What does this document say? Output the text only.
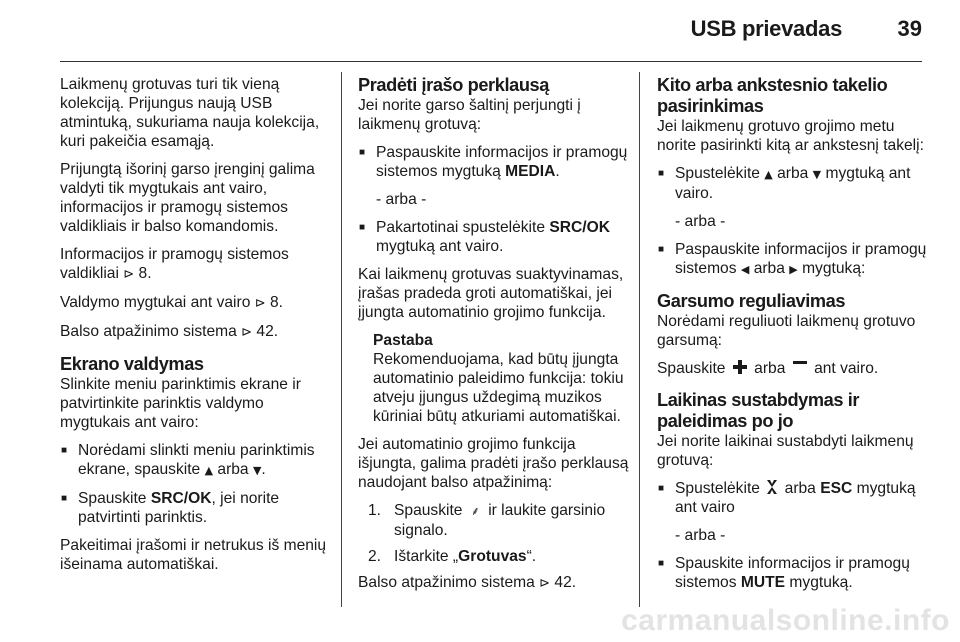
USB prievadas	39

Laikmenų grotuvas turi tik vieną kolekciją. Prijungus naują USB atmintuką, sukuriama nauja kolekcija, kuri pakeičia esamąją.

Prijungtą išorinį garso įrenginį galima valdyti tik mygtukais ant vairo, informacijos ir pramogų sistemos valdikliais ir balso komandomis.

Informacijos ir pramogų sistemos valdikliai ⊳ 8.

Valdymo mygtukai ant vairo ⊳ 8.

Balso atpažinimo sistema ⊳ 42.

Ekrano valdymas

Slinkite meniu parinktimis ekrane ir patvirtinkite parinktis valdymo mygtukais ant vairo:

■ Norėdami slinkti meniu parinktimis ekrane, spauskite ▲ arba ▼.
■ Spauskite SRC/OK, jei norite patvirtinti parinktis.

Pakeitimai įrašomi ir netrukus iš menių išeinama automatiškai.

Pradėti įrašo perklausą

Jei norite garso šaltinį perjungti į laikmenų grotuvą:

■ Paspauskite informacijos ir pramogų sistemos mygtuką MEDIA.
- arba -
■ Pakartotinai spustelėkite SRC/OK mygtuką ant vairo.

Kai laikmenų grotuvas suaktyvinamas, įrašas pradeda groti automatiškai, jei įjungta automatinio grojimo funkcija.

Pastaba
Rekomenduojama, kad būtų įjungta automatinio paleidimo funkcija: tokiu atveju įjungus uždegimą muzikos kūriniai būtų atkuriami automatiškai.

Jei automatinio grojimo funkcija išjungta, galima pradėti įrašo perklausą naudojant balso atpažinimą:

1. Spauskite ⸙ ir laukite garsinio signalo.
2. Ištarkite „Grotuvas“.

Balso atpažinimo sistema ⊳ 42.

Kito arba ankstesnio takelio pasirinkimas

Jei laikmenų grotuvo grojimo metu norite pasirinkti kitą ar ankstesnį takelį:

■ Spustelėkite ▲ arba ▼ mygtuką ant vairo.
- arba -
■ Paspauskite informacijos ir pramogų sistemos ◀ arba ▶ mygtuką:
Garsumo reguliavimas

Norėdami reguliuoti laikmenų grotuvo garsumą:

Spauskite arba ant vairo.

Laikinas sustabdymas ir paleidimas po jo

Jei norite laikinai sustabdyti laikmenų grotuvą:

■ Spustelėkite arba ESC mygtuką ant vairo
- arba -
■ Spauskite informacijos ir pramogų sistemos MUTE mygtuką.
carmanualsonline.info
